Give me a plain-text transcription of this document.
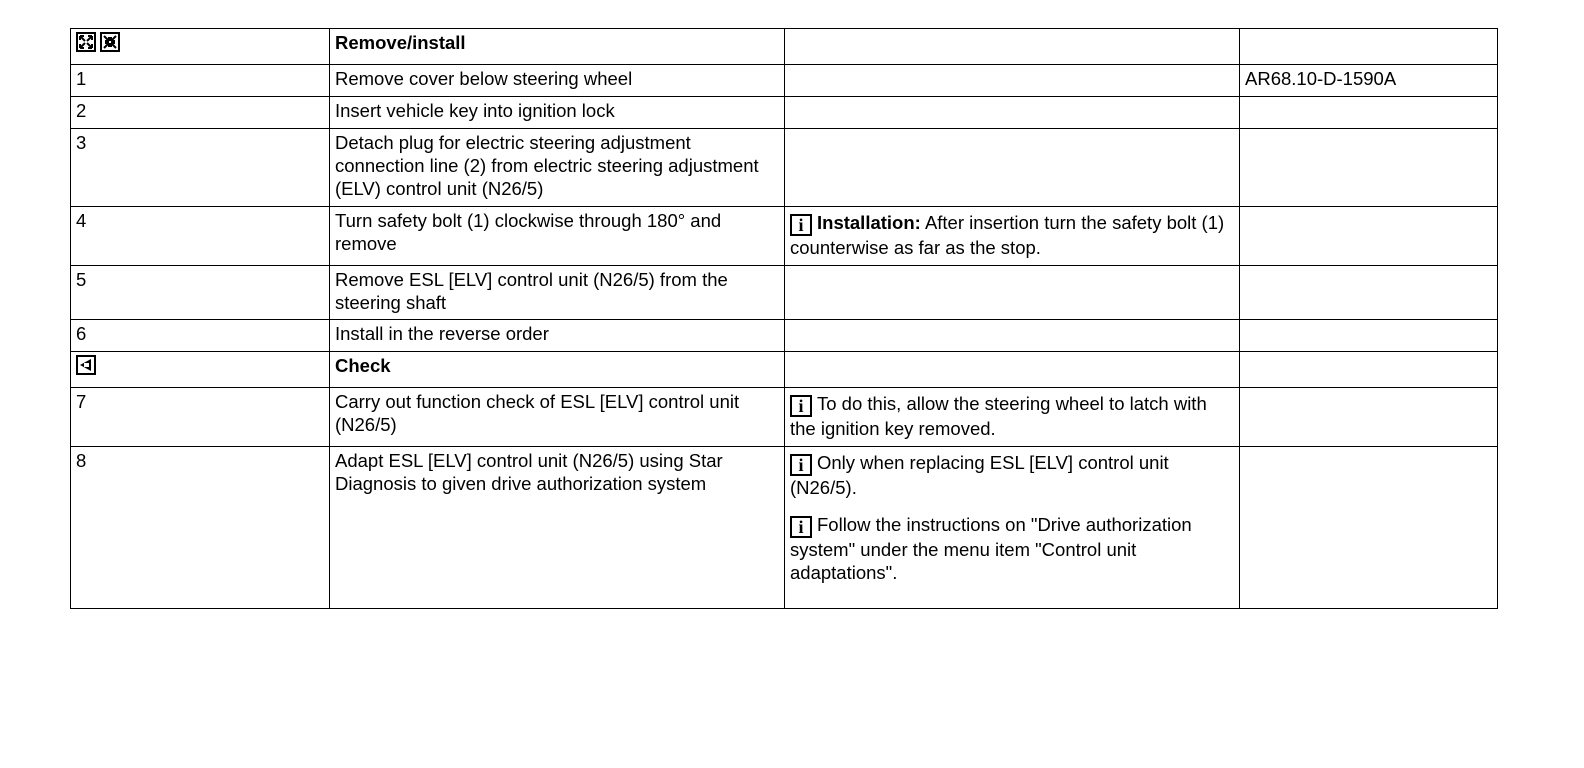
	Remove/install		
1	Remove cover below steering wheel		AR68.10-D-1590A
2	Insert vehicle key into ignition lock		
3	Detach plug for electric steering adjustment connection line (2) from electric steering adjustment (ELV) control unit (N26/5)		
4	Turn safety bolt (1) clockwise through 180° and remove	i Installation: After insertion turn the safety bolt (1) counterwise as far as the stop.	

5	Remove ESL [ELV] control unit (N26/5) from the steering shaft		
6	Install in the reverse order		

	Check		
7	Carry out function check of ESL [ELV] control unit (N26/5)	i To do this, allow the steering wheel to latch with the ignition key removed.	

8	Adapt ESL [ELV] control unit (N26/5) using Star Diagnosis to given drive authorization system	i Only when replacing ESL [ELV] control unit (N26/5).
i Follow the instructions on "Drive authorization system" under the menu item "Control unit adaptations".	
